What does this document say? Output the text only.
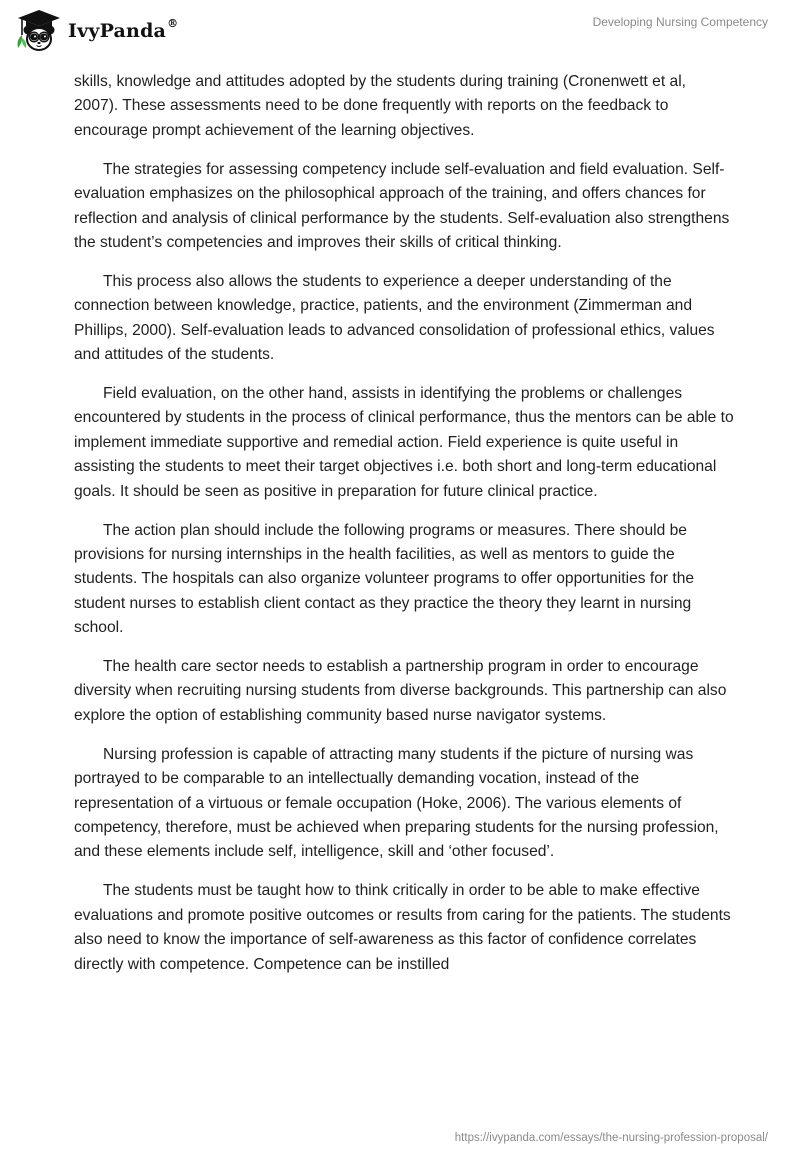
IvyPanda®	Developing Nursing Competency

skills, knowledge and attitudes adopted by the students during training (Cronenwett et al, 2007). These assessments need to be done frequently with reports on the feedback to encourage prompt achievement of the learning objectives.

The strategies for assessing competency include self-evaluation and field evaluation. Self-evaluation emphasizes on the philosophical approach of the training, and offers chances for reflection and analysis of clinical performance by the students. Self-evaluation also strengthens the student’s competencies and improves their skills of critical thinking.

This process also allows the students to experience a deeper understanding of the connection between knowledge, practice, patients, and the environment (Zimmerman and Phillips, 2000). Self-evaluation leads to advanced consolidation of professional ethics, values and attitudes of the students.

Field evaluation, on the other hand, assists in identifying the problems or challenges encountered by students in the process of clinical performance, thus the mentors can be able to implement immediate supportive and remedial action. Field experience is quite useful in assisting the students to meet their target objectives i.e. both short and long-term educational goals. It should be seen as positive in preparation for future clinical practice.

The action plan should include the following programs or measures. There should be provisions for nursing internships in the health facilities, as well as mentors to guide the students. The hospitals can also organize volunteer programs to offer opportunities for the student nurses to establish client contact as they practice the theory they learnt in nursing school.

The health care sector needs to establish a partnership program in order to encourage diversity when recruiting nursing students from diverse backgrounds. This partnership can also explore the option of establishing community based nurse navigator systems.

Nursing profession is capable of attracting many students if the picture of nursing was portrayed to be comparable to an intellectually demanding vocation, instead of the representation of a virtuous or female occupation (Hoke, 2006). The various elements of competency, therefore, must be achieved when preparing students for the nursing profession, and these elements include self, intelligence, skill and ‘other focused’.

The students must be taught how to think critically in order to be able to make effective evaluations and promote positive outcomes or results from caring for the patients. The students also need to know the importance of self-awareness as this factor of confidence correlates directly with competence. Competence can be instilled

https://ivypanda.com/essays/the-nursing-profession-proposal/
